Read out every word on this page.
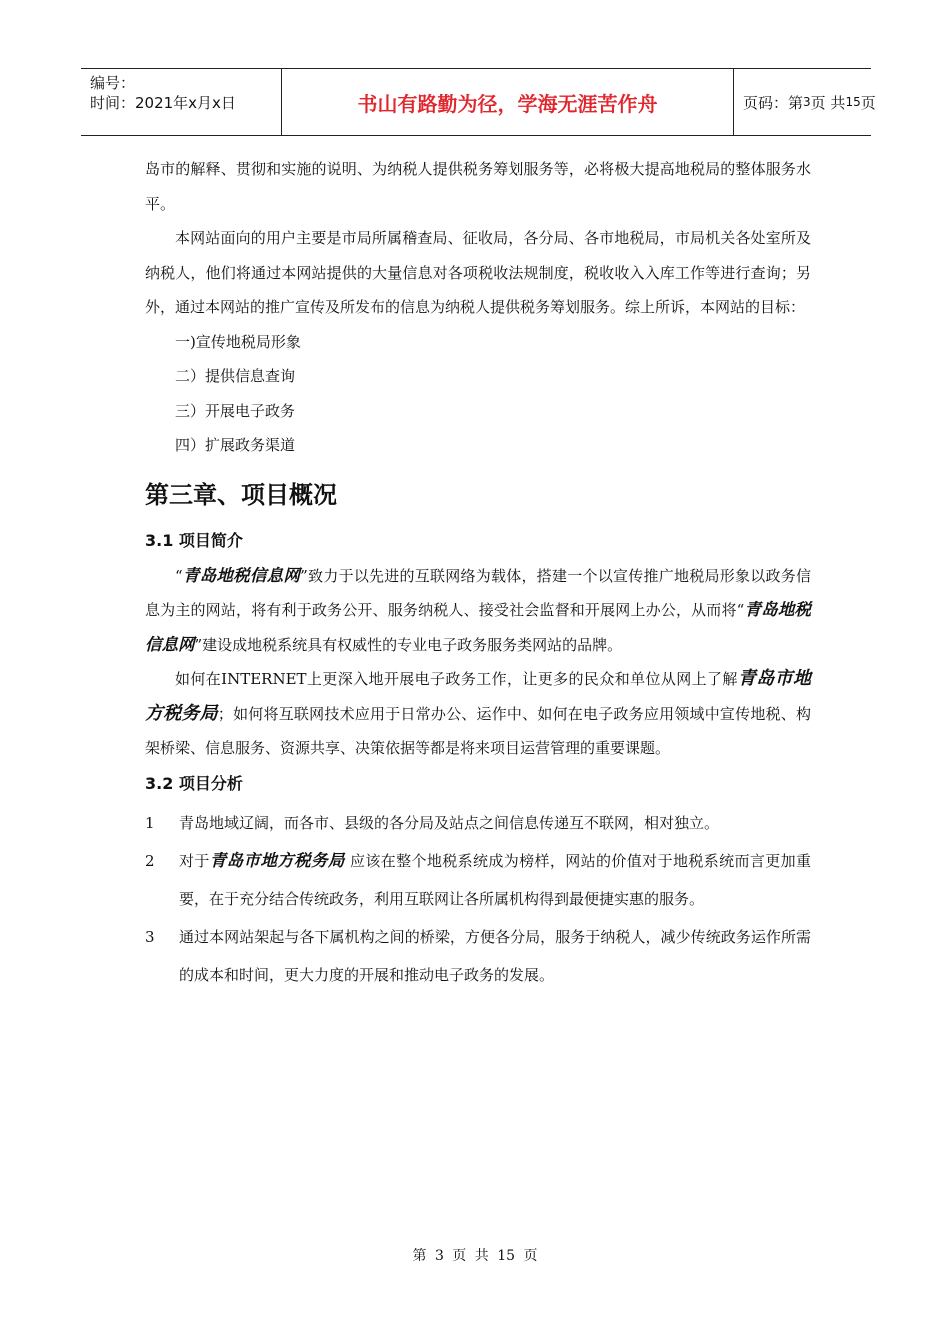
编号：
时间：2021年x月x日	书山有路勤为径，学海无涯苦作舟	页码：第 3 页 共 15 页

岛市的解释、贯彻和实施的说明、为纳税人提供税务筹划服务等，必将极大提高地税局的整体服务水平。

本网站面向的用户主要是市局所属稽查局、征收局，各分局、各市地税局，市局机关各处室所及纳税人，他们将通过本网站提供的大量信息对各项税收法规制度，税收收入入库工作等进行查询；另外，通过本网站的推广宣传及所发布的信息为纳税人提供税务筹划服务。综上所诉，本网站的目标：

一)宣传地税局形象

二）提供信息查询

三）开展电子政务

四）扩展政务渠道

第三章、项目概况
3.1 项目简介

“青岛地税信息网”致力于以先进的互联网络为载体，搭建一个以宣传推广地税局形象以政务信息为主的网站，将有利于政务公开、服务纳税人、接受社会监督和开展网上办公，从而将“青岛地税信息网”建设成地税系统具有权威性的专业电子政务服务类网站的品牌。

如何在INTERNET上更深入地开展电子政务工作，让更多的民众和单位从网上了解青岛市地方税务局；如何将互联网技术应用于日常办公、运作中、如何在电子政务应用领域中宣传地税、构架桥梁、信息服务、资源共享、决策依据等都是将来项目运营管理的重要课题。

3.2 项目分析
1	青岛地域辽阔，而各市、县级的各分局及站点之间信息传递互不联网，相对独立。
2	对于青岛市地方税务局 应该在整个地税系统成为榜样，网站的价值对于地税系统而言更加重要，在于充分结合传统政务，利用互联网让各所属机构得到最便捷实惠的服务。
3	通过本网站架起与各下属机构之间的桥梁，方便各分局，服务于纳税人，减少传统政务运作所需的成本和时间，更大力度的开展和推动电子政务的发展。
第 3 页 共 15 页
